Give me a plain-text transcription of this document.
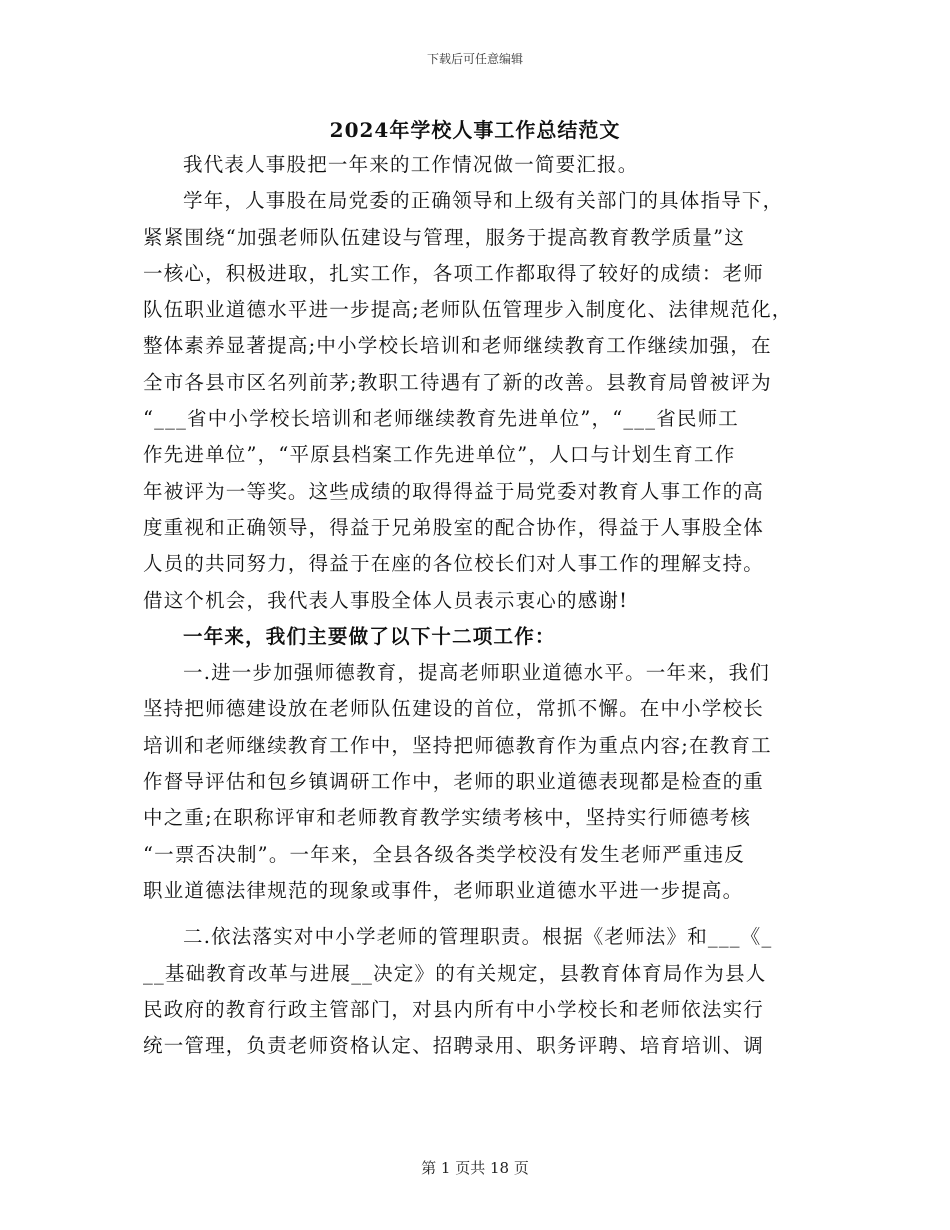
下载后可任意编辑
2024年学校人事工作总结范文
我代表人事股把一年来的工作情况做一简要汇报。
学年，人事股在局党委的正确领导和上级有关部门的具体指导下，
紧紧围绕“加强老师队伍建设与管理，服务于提高教育教学质量”这
一核心，积极进取，扎实工作，各项工作都取得了较好的成绩：老师
队伍职业道德水平进一步提高;老师队伍管理步入制度化、法律规范化，
整体素养显著提高;中小学校长培训和老师继续教育工作继续加强，在
全市各县市区名列前茅;教职工待遇有了新的改善。县教育局曾被评为
“___省中小学校长培训和老师继续教育先进单位”，“___省民师工
作先进单位”，“平原县档案工作先进单位”，人口与计划生育工作
年被评为一等奖。这些成绩的取得得益于局党委对教育人事工作的高
度重视和正确领导，得益于兄弟股室的配合协作，得益于人事股全体
人员的共同努力，得益于在座的各位校长们对人事工作的理解支持。
借这个机会，我代表人事股全体人员表示衷心的感谢!
一年来，我们主要做了以下十二项工作：
一.进一步加强师德教育，提高老师职业道德水平。一年来，我们
坚持把师德建设放在老师队伍建设的首位，常抓不懈。在中小学校长
培训和老师继续教育工作中，坚持把师德教育作为重点内容;在教育工
作督导评估和包乡镇调研工作中，老师的职业道德表现都是检查的重
中之重;在职称评审和老师教育教学实绩考核中，坚持实行师德考核
“一票否决制”。一年来，全县各级各类学校没有发生老师严重违反
职业道德法律规范的现象或事件，老师职业道德水平进一步提高。
二.依法落实对中小学老师的管理职责。根据《老师法》和___《_
__基础教育改革与进展__决定》的有关规定，县教育体育局作为县人
民政府的教育行政主管部门，对县内所有中小学校长和老师依法实行
统一管理，负责老师资格认定、招聘录用、职务评聘、培育培训、调
第 1 页共 18 页
